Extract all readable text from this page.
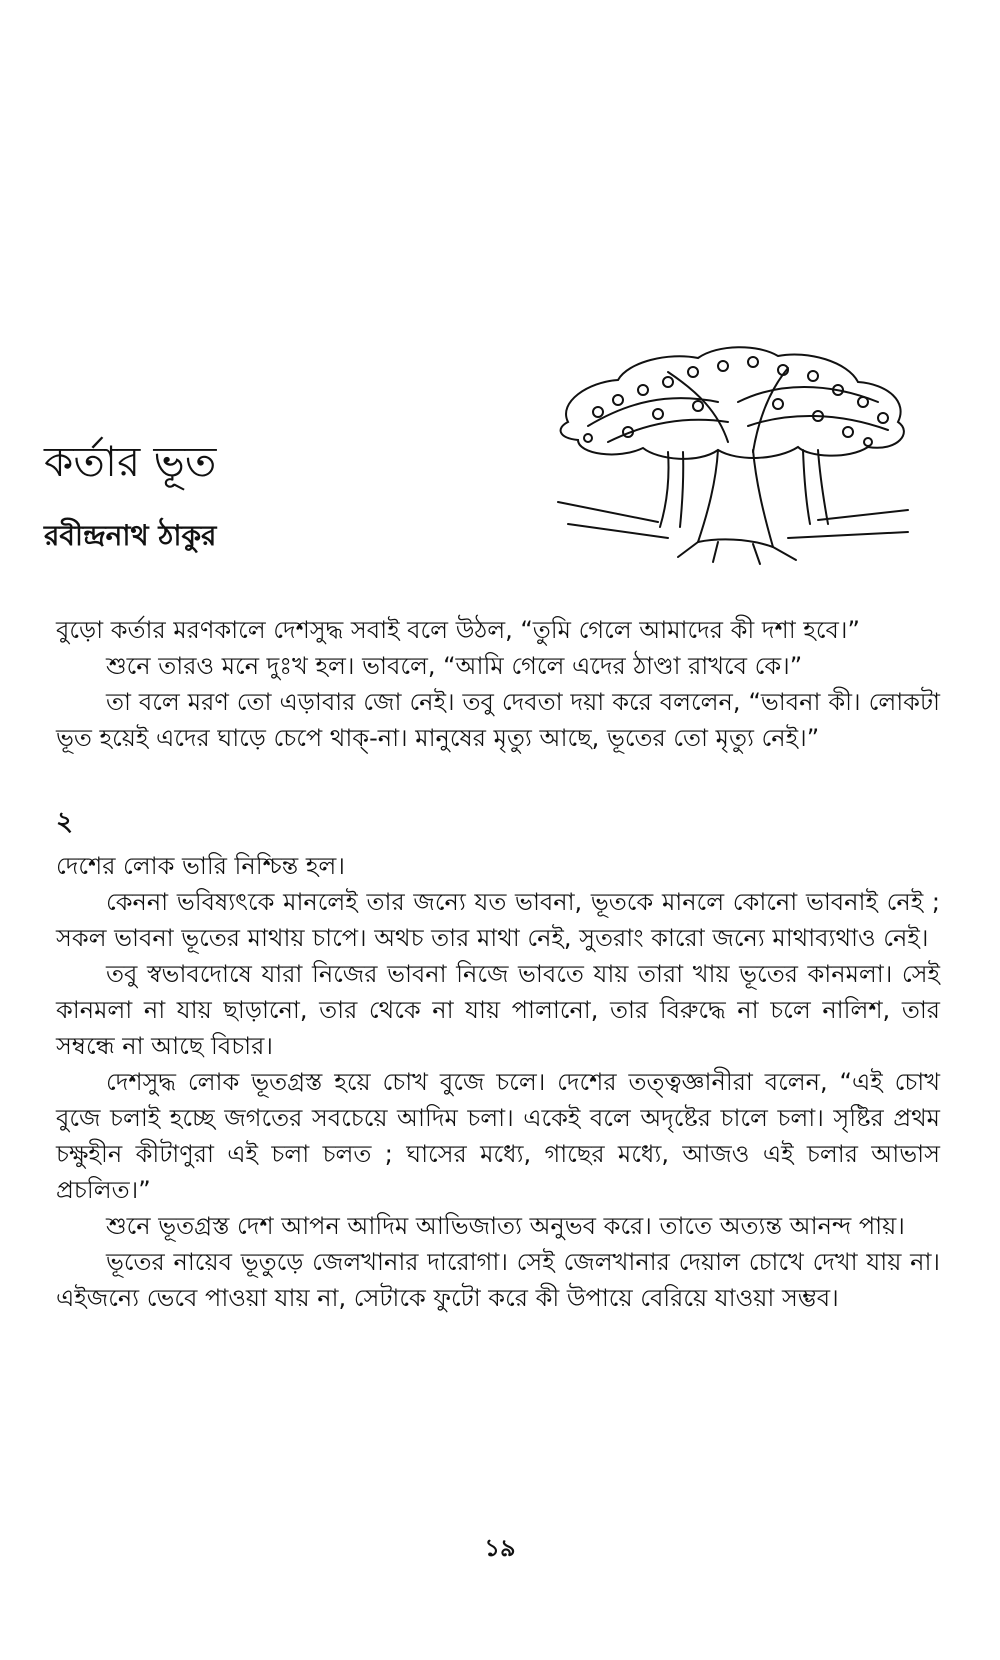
কর্তার ভূত
রবীন্দ্রনাথ ঠাকুর

বুড়ো কর্তার মরণকালে দেশসুদ্ধ সবাই বলে উঠল, “তুমি গেলে আমাদের কী দশা হবে।”

শুনে তারও মনে দুঃখ হল। ভাবলে, “আমি গেলে এদের ঠাণ্ডা রাখবে কে।”

তা বলে মরণ তো এড়াবার জো নেই। তবু দেবতা দয়া করে বললেন, “ভাবনা কী। লোকটা ভূত হয়েই এদের ঘাড়ে চেপে থাক্-না। মানুষের মৃত্যু আছে, ভূতের তো মৃত্যু নেই।”

২

দেশের লোক ভারি নিশ্চিন্ত হল।

কেননা ভবিষ্যৎকে মানলেই তার জন্যে যত ভাবনা, ভূতকে মানলে কোনো ভাবনাই নেই ; সকল ভাবনা ভূতের মাথায় চাপে। অথচ তার মাথা নেই, সুতরাং কারো জন্যে মাথাব্যথাও নেই।

তবু স্বভাবদোষে যারা নিজের ভাবনা নিজে ভাবতে যায় তারা খায় ভূতের কানমলা। সেই কানমলা না যায় ছাড়ানো, তার থেকে না যায় পালানো, তার বিরুদ্ধে না চলে নালিশ, তার সম্বন্ধে না আছে বিচার।

দেশসুদ্ধ লোক ভূতগ্রস্ত হয়ে চোখ বুজে চলে। দেশের তত্ত্বজ্ঞানীরা বলেন, “এই চোখ বুজে চলাই হচ্ছে জগতের সবচেয়ে আদিম চলা। একেই বলে অদৃষ্টের চালে চলা। সৃষ্টির প্রথম চক্ষুহীন কীটাণুরা এই চলা চলত ; ঘাসের মধ্যে, গাছের মধ্যে, আজও এই চলার আভাস প্রচলিত।”

শুনে ভূতগ্রস্ত দেশ আপন আদিম আভিজাত্য অনুভব করে। তাতে অত্যন্ত আনন্দ পায়।

ভূতের নায়েব ভূতুড়ে জেলখানার দারোগা। সেই জেলখানার দেয়াল চোখে দেখা যায় না। এইজন্যে ভেবে পাওয়া যায় না, সেটাকে ফুটো করে কী উপায়ে বেরিয়ে যাওয়া সম্ভব।

১৯
